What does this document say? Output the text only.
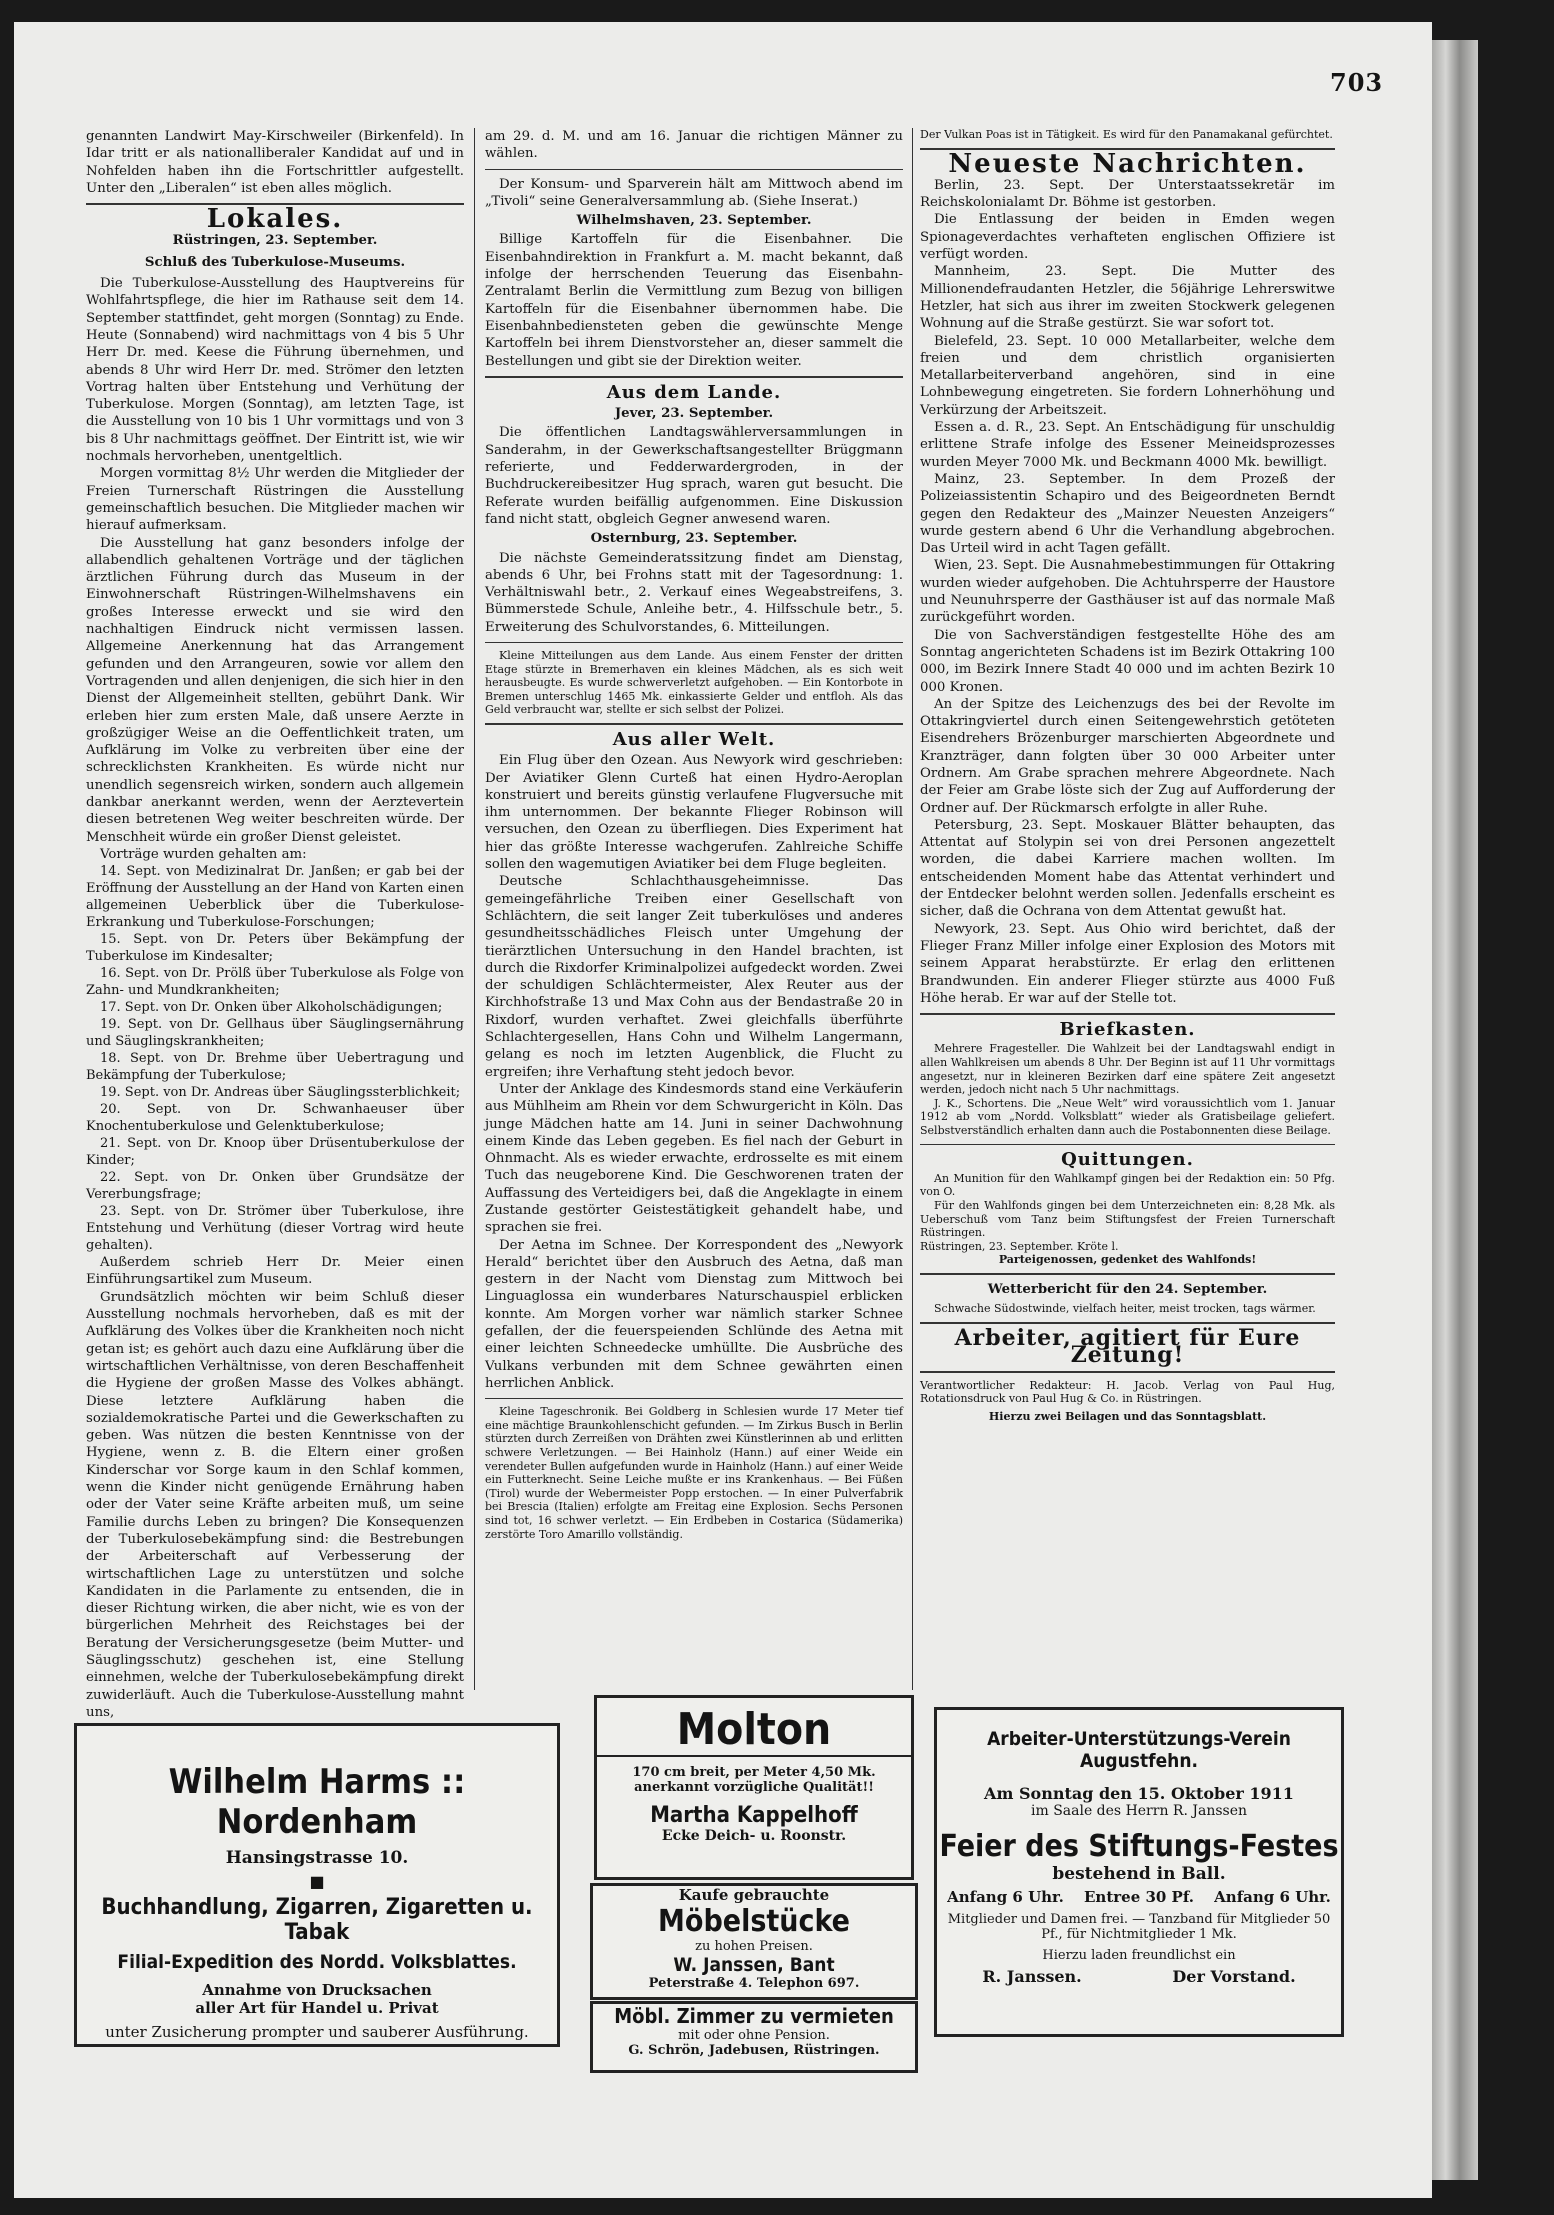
703

genannten Landwirt May-Kirschweiler (Birkenfeld). In Idar tritt er als nationalliberaler Kandidat auf und in Nohfelden haben ihn die Fortschrittler aufgestellt. Unter den „Liberalen“ ist eben alles möglich.

Lokales.
Rüstringen, 23. September.
Schluß des Tuberkulose-Museums.

Die Tuberkulose-Ausstellung des Hauptvereins für Wohlfahrtspflege, die hier im Rathause seit dem 14. September stattfindet, geht morgen (Sonntag) zu Ende. Heute (Sonnabend) wird nachmittags von 4 bis 5 Uhr Herr Dr. med. Keese die Führung übernehmen, und abends 8 Uhr wird Herr Dr. med. Strömer den letzten Vortrag halten über Entstehung und Verhütung der Tuberkulose. Morgen (Sonntag), am letzten Tage, ist die Ausstellung von 10 bis 1 Uhr vormittags und von 3 bis 8 Uhr nachmittags geöffnet. Der Eintritt ist, wie wir nochmals hervorheben, unentgeltlich.

Morgen vormittag 8½ Uhr werden die Mitglieder der Freien Turnerschaft Rüstringen die Ausstellung gemeinschaftlich besuchen. Die Mitglieder machen wir hierauf aufmerksam.

Die Ausstellung hat ganz besonders infolge der allabendlich gehaltenen Vorträge und der täglichen ärztlichen Führung durch das Museum in der Einwohnerschaft Rüstringen-Wilhelmshavens ein großes Interesse erweckt und sie wird den nachhaltigen Eindruck nicht vermissen lassen. Allgemeine Anerkennung hat das Arrangement gefunden und den Arrangeuren, sowie vor allem den Vortragenden und allen denjenigen, die sich hier in den Dienst der Allgemeinheit stellten, gebührt Dank. Wir erleben hier zum ersten Male, daß unsere Aerzte in großzügiger Weise an die Oeffentlichkeit traten, um Aufklärung im Volke zu verbreiten über eine der schrecklichsten Krankheiten. Es würde nicht nur unendlich segensreich wirken, sondern auch allgemein dankbar anerkannt werden, wenn der Aerztevertein diesen betretenen Weg weiter beschreiten würde. Der Menschheit würde ein großer Dienst geleistet.

Vorträge wurden gehalten am:

14. Sept. von Medizinalrat Dr. Janßen; er gab bei der Eröffnung der Ausstellung an der Hand von Karten einen allgemeinen Ueberblick über die Tuberkulose-Erkrankung und Tuberkulose-Forschungen;

15. Sept. von Dr. Peters über Bekämpfung der Tuberkulose im Kindesalter;

16. Sept. von Dr. Prölß über Tuberkulose als Folge von Zahn- und Mundkrankheiten;

17. Sept. von Dr. Onken über Alkoholschädigungen;

19. Sept. von Dr. Gellhaus über Säuglingsernährung und Säuglingskrankheiten;

18. Sept. von Dr. Brehme über Uebertragung und Bekämpfung der Tuberkulose;

19. Sept. von Dr. Andreas über Säuglingssterblichkeit;

20. Sept. von Dr. Schwanhaeuser über Knochentuberkulose und Gelenktuberkulose;

21. Sept. von Dr. Knoop über Drüsentuberkulose der Kinder;

22. Sept. von Dr. Onken über Grundsätze der Vererbungsfrage;

23. Sept. von Dr. Strömer über Tuberkulose, ihre Entstehung und Verhütung (dieser Vortrag wird heute gehalten).

Außerdem schrieb Herr Dr. Meier einen Einführungsartikel zum Museum.

Grundsätzlich möchten wir beim Schluß dieser Ausstellung nochmals hervorheben, daß es mit der Aufklärung des Volkes über die Krankheiten noch nicht getan ist; es gehört auch dazu eine Aufklärung über die wirtschaftlichen Verhältnisse, von deren Beschaffenheit die Hygiene der großen Masse des Volkes abhängt. Diese letztere Aufklärung haben die sozialdemokratische Partei und die Gewerkschaften zu geben. Was nützen die besten Kenntnisse von der Hygiene, wenn z. B. die Eltern einer großen Kinderschar vor Sorge kaum in den Schlaf kommen, wenn die Kinder nicht genügende Ernährung haben oder der Vater seine Kräfte arbeiten muß, um seine Familie durchs Leben zu bringen? Die Konsequenzen der Tuberkulosebekämpfung sind: die Bestrebungen der Arbeiterschaft auf Verbesserung der wirtschaftlichen Lage zu unterstützen und solche Kandidaten in die Parlamente zu entsenden, die in dieser Richtung wirken, die aber nicht, wie es von der bürgerlichen Mehrheit des Reichstages bei der Beratung der Versicherungsgesetze (beim Mutter- und Säuglingsschutz) geschehen ist, eine Stellung einnehmen, welche der Tuberkulosebekämpfung direkt zuwiderläuft. Auch die Tuberkulose-Ausstellung mahnt uns,

am 29. d. M. und am 16. Januar die richtigen Männer zu wählen.

Der Konsum- und Sparverein hält am Mittwoch abend im „Tivoli“ seine Generalversammlung ab. (Siehe Inserat.)

Wilhelmshaven, 23. September.

Billige Kartoffeln für die Eisenbahner. Die Eisenbahndirektion in Frankfurt a. M. macht bekannt, daß infolge der herrschenden Teuerung das Eisenbahn-Zentralamt Berlin die Vermittlung zum Bezug von billigen Kartoffeln für die Eisenbahner übernommen habe. Die Eisenbahnbediensteten geben die gewünschte Menge Kartoffeln bei ihrem Dienstvorsteher an, dieser sammelt die Bestellungen und gibt sie der Direktion weiter.

Aus dem Lande.
Jever, 23. September.

Die öffentlichen Landtagswählerversammlungen in Sanderahm, in der Gewerkschaftsangestellter Brüggmann referierte, und Fedderwardergroden, in der Buchdruckereibesitzer Hug sprach, waren gut besucht. Die Referate wurden beifällig aufgenommen. Eine Diskussion fand nicht statt, obgleich Gegner anwesend waren.

Osternburg, 23. September.

Die nächste Gemeinderatssitzung findet am Dienstag, abends 6 Uhr, bei Frohns statt mit der Tagesordnung: 1. Verhältniswahl betr., 2. Verkauf eines Wegeabstreifens, 3. Bümmerstede Schule, Anleihe betr., 4. Hilfsschule betr., 5. Erweiterung des Schulvorstandes, 6. Mitteilungen.

Kleine Mitteilungen aus dem Lande. Aus einem Fenster der dritten Etage stürzte in Bremerhaven ein kleines Mädchen, als es sich weit herausbeugte. Es wurde schwerverletzt aufgehoben. — Ein Kontorbote in Bremen unterschlug 1465 Mk. einkassierte Gelder und entfloh. Als das Geld verbraucht war, stellte er sich selbst der Polizei.

Aus aller Welt.

Ein Flug über den Ozean. Aus Newyork wird geschrieben: Der Aviatiker Glenn Curteß hat einen Hydro-Aeroplan konstruiert und bereits günstig verlaufene Flugversuche mit ihm unternommen. Der bekannte Flieger Robinson will versuchen, den Ozean zu überfliegen. Dies Experiment hat hier das größte Interesse wachgerufen. Zahlreiche Schiffe sollen den wagemutigen Aviatiker bei dem Fluge begleiten.

Deutsche Schlachthausgeheimnisse. Das gemeingefährliche Treiben einer Gesellschaft von Schlächtern, die seit langer Zeit tuberkulöses und anderes gesundheitsschädliches Fleisch unter Umgehung der tierärztlichen Untersuchung in den Handel brachten, ist durch die Rixdorfer Kriminalpolizei aufgedeckt worden. Zwei der schuldigen Schlächtermeister, Alex Reuter aus der Kirchhofstraße 13 und Max Cohn aus der Bendastraße 20 in Rixdorf, wurden verhaftet. Zwei gleichfalls überführte Schlachtergesellen, Hans Cohn und Wilhelm Langermann, gelang es noch im letzten Augenblick, die Flucht zu ergreifen; ihre Verhaftung steht jedoch bevor.

Unter der Anklage des Kindesmords stand eine Verkäuferin aus Mühlheim am Rhein vor dem Schwurgericht in Köln. Das junge Mädchen hatte am 14. Juni in seiner Dachwohnung einem Kinde das Leben gegeben. Es fiel nach der Geburt in Ohnmacht. Als es wieder erwachte, erdrosselte es mit einem Tuch das neugeborene Kind. Die Geschworenen traten der Auffassung des Verteidigers bei, daß die Angeklagte in einem Zustande gestörter Geistestätigkeit gehandelt habe, und sprachen sie frei.

Der Aetna im Schnee. Der Korrespondent des „Newyork Herald“ berichtet über den Ausbruch des Aetna, daß man gestern in der Nacht vom Dienstag zum Mittwoch bei Linguaglossa ein wunderbares Naturschauspiel erblicken konnte. Am Morgen vorher war nämlich starker Schnee gefallen, der die feuerspeienden Schlünde des Aetna mit einer leichten Schneedecke umhüllte. Die Ausbrüche des Vulkans verbunden mit dem Schnee gewährten einen herrlichen Anblick.

Kleine Tageschronik. Bei Goldberg in Schlesien wurde 17 Meter tief eine mächtige Braunkohlenschicht gefunden. — Im Zirkus Busch in Berlin stürzten durch Zerreißen von Drähten zwei Künstlerinnen ab und erlitten schwere Verletzungen. — Bei Hainholz (Hann.) auf einer Weide ein verendeter Bullen aufgefunden wurde in Hainholz (Hann.) auf einer Weide ein Futterknecht. Seine Leiche mußte er ins Krankenhaus. — Bei Füßen (Tirol) wurde der Webermeister Popp erstochen. — In einer Pulverfabrik bei Brescia (Italien) erfolgte am Freitag eine Explosion. Sechs Personen sind tot, 16 schwer verletzt. — Ein Erdbeben in Costarica (Südamerika) zerstörte Toro Amarillo vollständig.

Der Vulkan Poas ist in Tätigkeit. Es wird für den Panamakanal gefürchtet.

Neueste Nachrichten.

Berlin, 23. Sept. Der Unterstaatssekretär im Reichskolonialamt Dr. Böhme ist gestorben.

Die Entlassung der beiden in Emden wegen Spionageverdachtes verhafteten englischen Offiziere ist verfügt worden.

Mannheim, 23. Sept. Die Mutter des Millionendefraudanten Hetzler, die 56jährige Lehrerswitwe Hetzler, hat sich aus ihrer im zweiten Stockwerk gelegenen Wohnung auf die Straße gestürzt. Sie war sofort tot.

Bielefeld, 23. Sept. 10 000 Metallarbeiter, welche dem freien und dem christlich organisierten Metallarbeiterverband angehören, sind in eine Lohnbewegung eingetreten. Sie fordern Lohnerhöhung und Verkürzung der Arbeitszeit.

Essen a. d. R., 23. Sept. An Entschädigung für unschuldig erlittene Strafe infolge des Essener Meineidsprozesses wurden Meyer 7000 Mk. und Beckmann 4000 Mk. bewilligt.

Mainz, 23. September. In dem Prozeß der Polizeiassistentin Schapiro und des Beigeordneten Berndt gegen den Redakteur des „Mainzer Neuesten Anzeigers“ wurde gestern abend 6 Uhr die Verhandlung abgebrochen. Das Urteil wird in acht Tagen gefällt.

Wien, 23. Sept. Die Ausnahmebestimmungen für Ottakring wurden wieder aufgehoben. Die Achtuhrsperre der Haustore und Neunuhrsperre der Gasthäuser ist auf das normale Maß zurückgeführt worden.

Die von Sachverständigen festgestellte Höhe des am Sonntag angerichteten Schadens ist im Bezirk Ottakring 100 000, im Bezirk Innere Stadt 40 000 und im achten Bezirk 10 000 Kronen.

An der Spitze des Leichenzugs des bei der Revolte im Ottakringviertel durch einen Seitengewehrstich getöteten Eisendrehers Brözenburger marschierten Abgeordnete und Kranzträger, dann folgten über 30 000 Arbeiter unter Ordnern. Am Grabe sprachen mehrere Abgeordnete. Nach der Feier am Grabe löste sich der Zug auf Aufforderung der Ordner auf. Der Rückmarsch erfolgte in aller Ruhe.

Petersburg, 23. Sept. Moskauer Blätter behaupten, das Attentat auf Stolypin sei von drei Personen angezettelt worden, die dabei Karriere machen wollten. Im entscheidenden Moment habe das Attentat verhindert und der Entdecker belohnt werden sollen. Jedenfalls erscheint es sicher, daß die Ochrana von dem Attentat gewußt hat.

Newyork, 23. Sept. Aus Ohio wird berichtet, daß der Flieger Franz Miller infolge einer Explosion des Motors mit seinem Apparat herabstürzte. Er erlag den erlittenen Brandwunden. Ein anderer Flieger stürzte aus 4000 Fuß Höhe herab. Er war auf der Stelle tot.

Briefkasten.

Mehrere Fragesteller. Die Wahlzeit bei der Landtagswahl endigt in allen Wahlkreisen um abends 8 Uhr. Der Beginn ist auf 11 Uhr vormittags angesetzt, nur in kleineren Bezirken darf eine spätere Zeit angesetzt werden, jedoch nicht nach 5 Uhr nachmittags.

J. K., Schortens. Die „Neue Welt“ wird voraussichtlich vom 1. Januar 1912 ab vom „Nordd. Volksblatt“ wieder als Gratisbeilage geliefert. Selbstverständlich erhalten dann auch die Postabonnenten diese Beilage.

Quittungen.

An Munition für den Wahlkampf gingen bei der Redaktion ein: 50 Pfg. von O.

Für den Wahlfonds gingen bei dem Unterzeichneten ein: 8,28 Mk. als Ueberschuß vom Tanz beim Stiftungsfest der Freien Turnerschaft Rüstringen.

Rüstringen, 23. September. Kröte l.

Parteigenossen, gedenket des Wahlfonds!

Wetterbericht für den 24. September.

Schwache Südostwinde, vielfach heiter, meist trocken, tags wärmer.

Arbeiter, agitiert für Eure Zeitung!

Verantwortlicher Redakteur: H. Jacob. Verlag von Paul Hug, Rotationsdruck von Paul Hug & Co. in Rüstringen.

Hierzu zwei Beilagen und das Sonntagsblatt.
Wilhelm Harms :: Nordenham
Hansingstrasse 10.
■
Buchhandlung, Zigarren, Zigaretten u. Tabak
Filial-Expedition des Nordd. Volksblattes.
Annahme von Drucksachen
aller Art für Handel u. Privat
unter Zusicherung prompter und sauberer Ausführung.
Molton
170 cm breit, per Meter 4,50 Mk. anerkannt vorzügliche Qualität!!
Martha Kappelhoff
Ecke Deich- u. Roonstr.
Kaufe gebrauchte
Möbelstücke
zu hohen Preisen.
W. Janssen, Bant
Peterstraße 4. Telephon 697.
Möbl. Zimmer zu vermieten
mit oder ohne Pension.
G. Schrön, Jadebusen, Rüstringen.
Arbeiter-Unterstützungs-Verein Augustfehn.
Am Sonntag den 15. Oktober 1911
im Saale des Herrn R. Janssen
Feier des Stiftungs-Festes
bestehend in Ball.
Anfang 6 Uhr. Entree 30 Pf. Anfang 6 Uhr.
Mitglieder und Damen frei. — Tanzband für Mitglieder 50 Pf., für Nichtmitglieder 1 Mk.
Hierzu laden freundlichst ein
R. Janssen.	Der Vorstand.
